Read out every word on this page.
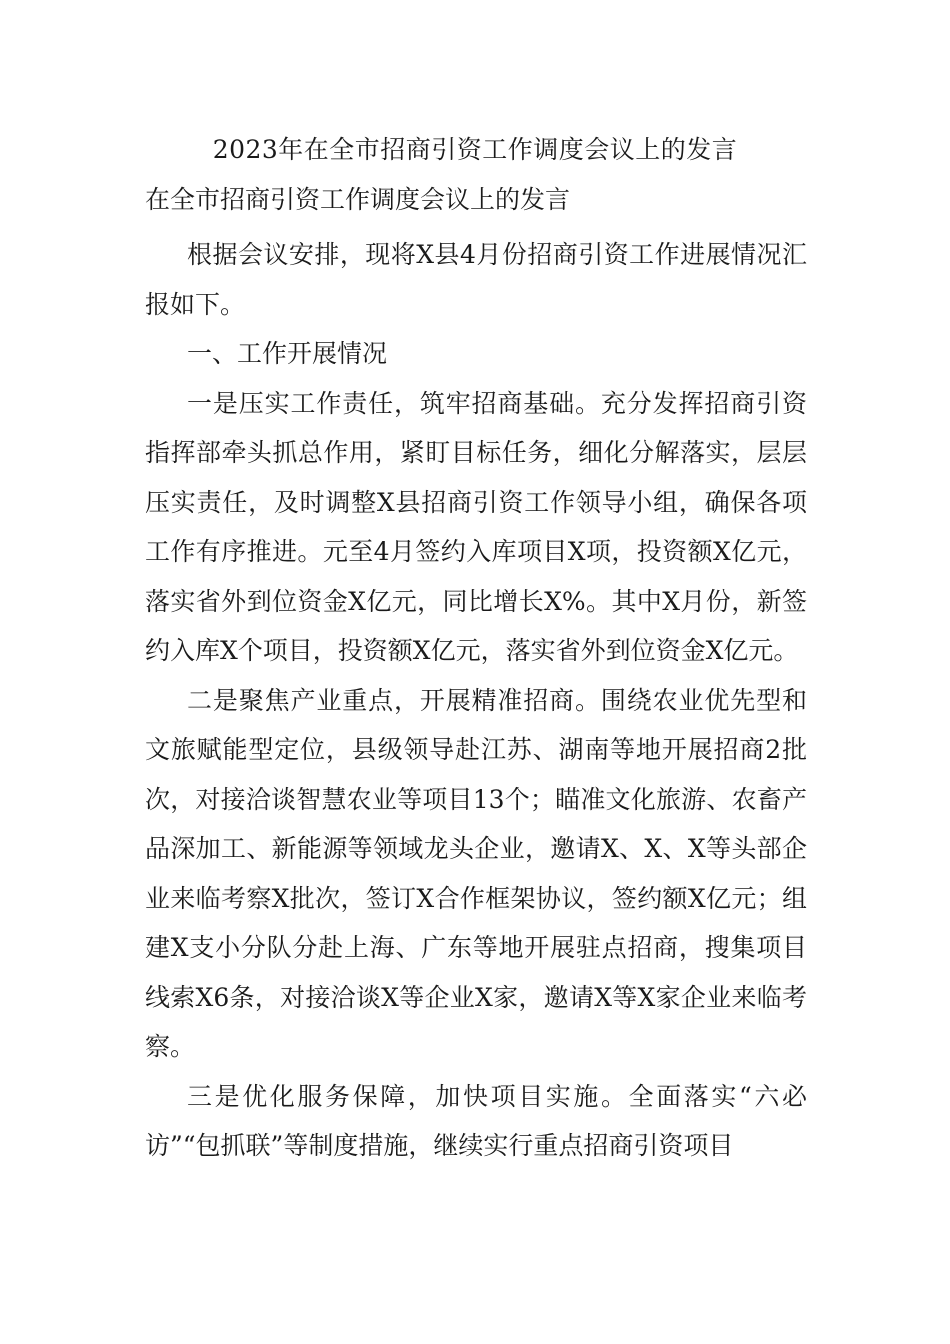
2023年在全市招商引资工作调度会议上的发言
在全市招商引资工作调度会议上的发言

根据会议安排，现将X县4月份招商引资工作进展情况汇报如下。

一、工作开展情况

一是压实工作责任，筑牢招商基础。充分发挥招商引资指挥部牵头抓总作用，紧盯目标任务，细化分解落实，层层压实责任，及时调整X县招商引资工作领导小组，确保各项工作有序推进。元至4月签约入库项目X项，投资额X亿元，落实省外到位资金X亿元，同比增长X%。其中X月份，新签约入库X个项目，投资额X亿元，落实省外到位资金X亿元。

二是聚焦产业重点，开展精准招商。围绕农业优先型和文旅赋能型定位，县级领导赴江苏、湖南等地开展招商2批次，对接洽谈智慧农业等项目13个；瞄准文化旅游、农畜产品深加工、新能源等领域龙头企业，邀请X、X、X等头部企业来临考察X批次，签订X合作框架协议，签约额X亿元；组建X支小分队分赴上海、广东等地开展驻点招商，搜集项目线索X6条，对接洽谈X等企业X家，邀请X等X家企业来临考察。

三是优化服务保障，加快项目实施。全面落实“六必访”“包抓联”等制度措施，继续实行重点招商引资项目
